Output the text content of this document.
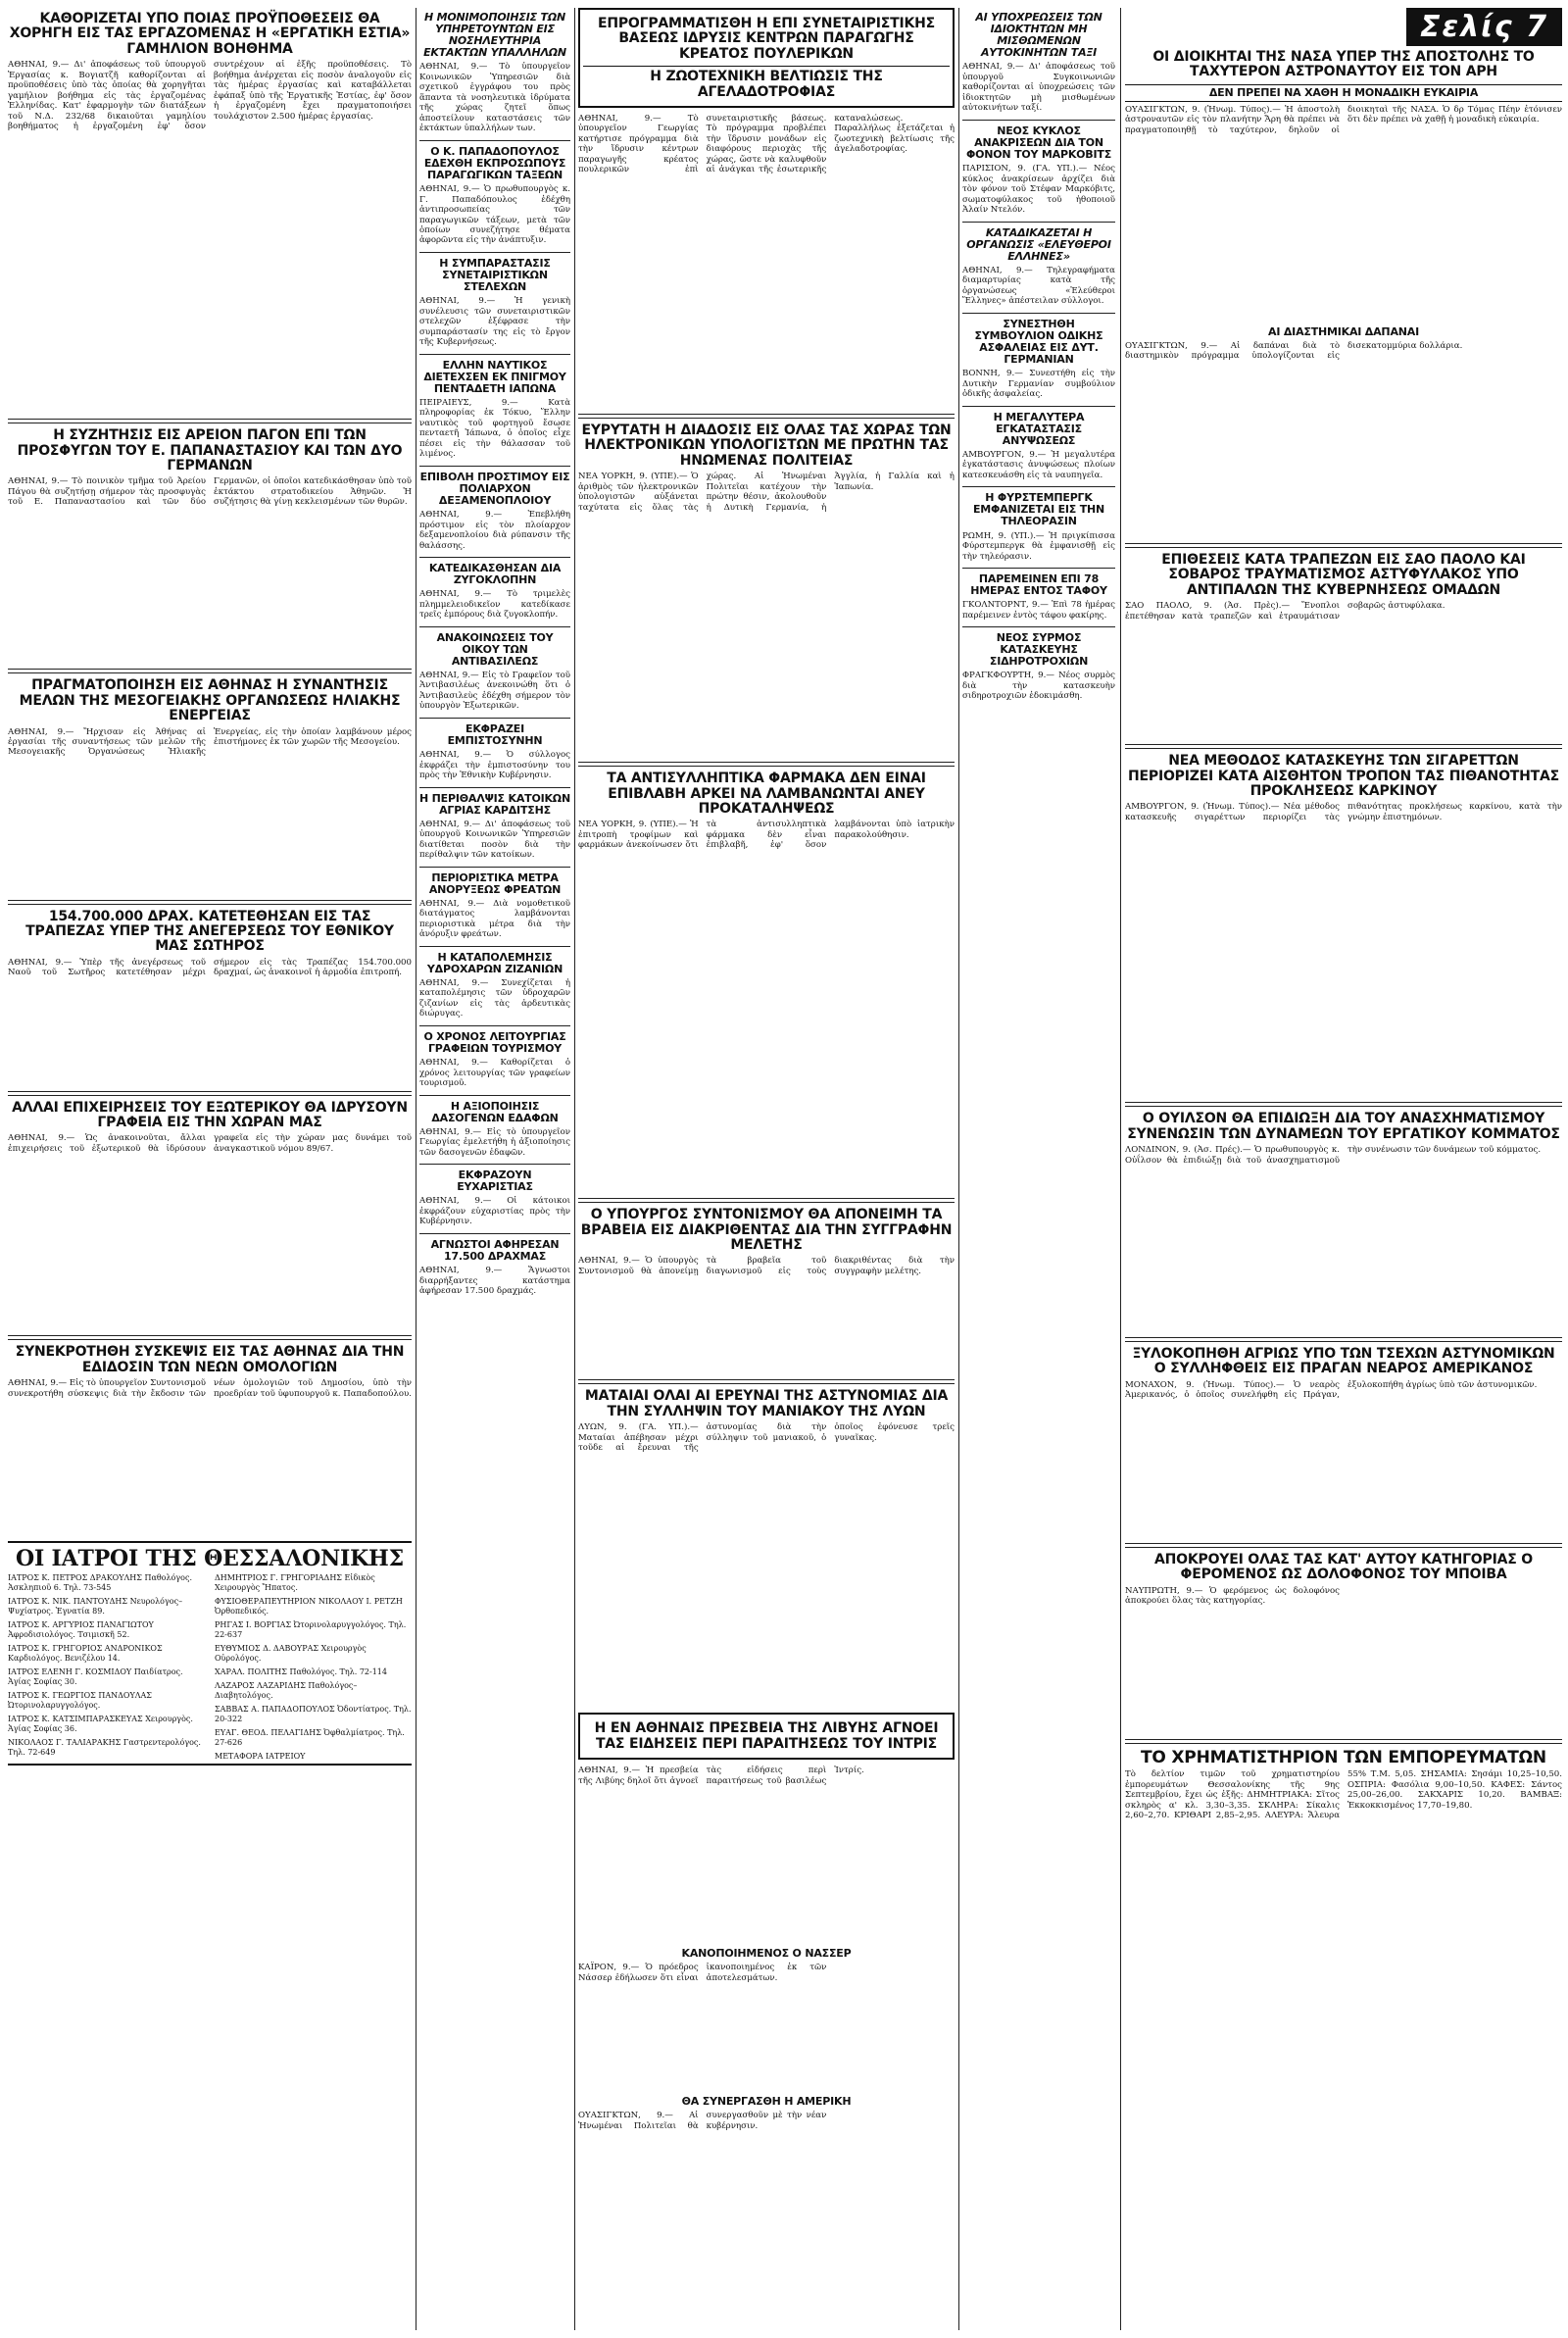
ΚΑΘΟΡΙΖΕΤΑΙ ΥΠΟ ΠΟΙΑΣ ΠΡΟΫΠΟΘΕΣΕΙΣ ΘΑ ΧΟΡΗΓΗ ΕΙΣ ΤΑΣ ΕΡΓΑΖΟΜΕΝΑΣ Η «ΕΡΓΑΤΙΚΗ ΕΣΤΙΑ» ΓΑΜΗΛΙΟΝ ΒΟΗΘΗΜΑ
ΑΘΗΝΑΙ, 9.— Δι' ἀποφάσεως τοῦ ὑπουργοῦ Ἐργασίας κ. Βογιατζῆ καθορίζονται αἱ προϋποθέσεις ὑπὸ τὰς ὁποίας θὰ χορηγῆται γαμήλιον βοήθημα εἰς τὰς ἐργαζομένας Ἑλληνίδας. Κατ' ἐφαρμογὴν τῶν διατάξεων τοῦ Ν.Δ. 232/68 δικαιοῦται γαμηλίου βοηθήματος ἡ ἐργαζομένη ἐφ' ὅσον συντρέχουν αἱ ἐξῆς προϋποθέσεις. Τὸ βοήθημα ἀνέρχεται εἰς ποσὸν ἀναλογοῦν εἰς τὰς ἡμέρας ἐργασίας καὶ καταβάλλεται ἐφάπαξ ὑπὸ τῆς Ἐργατικῆς Ἑστίας, ἐφ' ὅσον ἡ ἐργαζομένη ἔχει πραγματοποιήσει τουλάχιστον 2.500 ἡμέρας ἐργασίας.
Η ΣΥΖΗΤΗΣΙΣ ΕΙΣ ΑΡΕΙΟΝ ΠΑΓΟΝ ΕΠΙ ΤΩΝ ΠΡΟΣΦΥΓΩΝ ΤΟΥ Ε. ΠΑΠΑΝΑΣΤΑΣΙΟΥ ΚΑΙ ΤΩΝ ΔΥΟ ΓΕΡΜΑΝΩΝ
ΑΘΗΝΑΙ, 9.— Τὸ ποινικὸν τμῆμα τοῦ Ἀρείου Πάγου θὰ συζητήσῃ σήμερον τὰς προσφυγὰς τοῦ Ε. Παπαναστασίου καὶ τῶν δύο Γερμανῶν, οἱ ὁποῖοι κατεδικάσθησαν ὑπὸ τοῦ ἐκτάκτου στρατοδικείου Ἀθηνῶν. Ἡ συζήτησις θὰ γίνῃ κεκλεισμένων τῶν θυρῶν.
ΠΡΑΓΜΑΤΟΠΟΙΗΣΗ ΕΙΣ ΑΘΗΝΑΣ Η ΣΥΝΑΝΤΗΣΙΣ ΜΕΛΩΝ ΤΗΣ ΜΕΣΟΓΕΙΑΚΗΣ ΟΡΓΑΝΩΣΕΩΣ ΗΛΙΑΚΗΣ ΕΝΕΡΓΕΙΑΣ
ΑΘΗΝΑΙ, 9.— Ἤρχισαν εἰς Ἀθήνας αἱ ἐργασίαι τῆς συναντήσεως τῶν μελῶν τῆς Μεσογειακῆς Ὀργανώσεως Ἡλιακῆς Ἐνεργείας, εἰς τὴν ὁποίαν λαμβάνουν μέρος ἐπιστήμονες ἐκ τῶν χωρῶν τῆς Μεσογείου.
154.700.000 ΔΡΑΧ. ΚΑΤΕΤΕΘΗΣΑΝ ΕΙΣ ΤΑΣ ΤΡΑΠΕΖΑΣ ΥΠΕΡ ΤΗΣ ΑΝΕΓΕΡΣΕΩΣ ΤΟΥ ΕΘΝΙΚΟΥ ΜΑΣ ΣΩΤΗΡΟΣ
ΑΘΗΝΑΙ, 9.— Ὑπὲρ τῆς ἀνεγέρσεως τοῦ Ναοῦ τοῦ Σωτῆρος κατετέθησαν μέχρι σήμερον εἰς τὰς Τραπέζας 154.700.000 δραχμαί, ὡς ἀνακοινοῖ ἡ ἁρμοδία ἐπιτροπή.
ΑΛΛΑΙ ΕΠΙΧΕΙΡΗΣΕΙΣ ΤΟΥ ΕΞΩΤΕΡΙΚΟΥ ΘΑ ΙΔΡΥΣΟΥΝ ΓΡΑΦΕΙΑ ΕΙΣ ΤΗΝ ΧΩΡΑΝ ΜΑΣ
ΑΘΗΝΑΙ, 9.— Ὡς ἀνακοινοῦται, ἄλλαι ἐπιχειρήσεις τοῦ ἐξωτερικοῦ θὰ ἱδρύσουν γραφεῖα εἰς τὴν χώραν μας δυνάμει τοῦ ἀναγκαστικοῦ νόμου 89/67.
ΣΥΝΕΚΡΟΤΗΘΗ ΣΥΣΚΕΨΙΣ ΕΙΣ ΤΑΣ ΑΘΗΝΑΣ ΔΙΑ ΤΗΝ ΕΔΙΔΟΣΙΝ ΤΩΝ ΝΕΩΝ ΟΜΟΛΟΓΙΩΝ
ΑΘΗΝΑΙ, 9.— Εἰς τὸ ὑπουργεῖον Συντονισμοῦ συνεκροτήθη σύσκεψις διὰ τὴν ἔκδοσιν τῶν νέων ὁμολογιῶν τοῦ Δημοσίου, ὑπὸ τὴν προεδρίαν τοῦ ὑφυπουργοῦ κ. Παπαδοπούλου.
ΟΙ ΙΑΤΡΟΙ ΤΗΣ ΘΕΣΣΑΛΟΝΙΚΗΣ

ΙΑΤΡΟΣ Κ. ΠΕΤΡΟΣ ΔΡΑΚΟΥΛΗΣ Παθολόγος. Ἀσκληπιοῦ 6. Τηλ. 73-545

ΙΑΤΡΟΣ Κ. ΝΙΚ. ΠΑΝΤΟΥΔΗΣ Νευρολόγος–Ψυχίατρος. Ἐγνατία 89.

ΙΑΤΡΟΣ Κ. ΑΡΓΥΡΙΟΣ ΠΑΝΑΓΙΩΤΟΥ Ἀφροδισιολόγος. Τσιμισκῆ 52.

ΙΑΤΡΟΣ Κ. ΓΡΗΓΟΡΙΟΣ ΑΝΔΡΟΝΙΚΟΣ Καρδιολόγος. Βενιζέλου 14.

ΙΑΤΡΟΣ ΕΛΕΝΗ Γ. ΚΟΣΜΙΔΟΥ Παιδίατρος. Ἀγίας Σοφίας 30.

ΙΑΤΡΟΣ Κ. ΓΕΩΡΓΙΟΣ ΠΑΝΔΟΥΛΑΣ Ὠτορινολαρυγγολόγος.

ΙΑΤΡΟΣ Κ. ΚΑΤΣΙΜΠΑΡΑΣΚΕΥΑΣ Χειρουργὸς. Ἁγίας Σοφίας 36.

ΝΙΚΟΛΑΟΣ Γ. ΤΑΛΙΑΡΑΚΗΣ Γαστρεντερολόγος. Τηλ. 72-649

ΔΗΜΗΤΡΙΟΣ Γ. ΓΡΗΓΟΡΙΑΔΗΣ Εἰδικὸς Χειρουργὸς Ἤπατος.

ΦΥΣΙΟΘΕΡΑΠΕΥΤΗΡΙΟΝ ΝΙΚΟΛΑΟΥ Ι. ΡΕΤΖΗ Ὀρθοπεδικός.

ΡΗΓΑΣ Ι. ΒΟΡΓΙΑΣ Ὠτορινολαρυγγολόγος. Τηλ. 22-637

ΕΥΘΥΜΙΟΣ Δ. ΔΑΒΟΥΡΑΣ Χειρουργὸς Οὐρολόγος.

ΧΑΡΑΛ. ΠΟΛΙΤΗΣ Παθολόγος. Τηλ. 72-114

ΛΑΖΑΡΟΣ ΛΑΖΑΡΙΔΗΣ Παθολόγος–Διαβητολόγος.

ΣΑΒΒΑΣ Α. ΠΑΠΑΔΟΠΟΥΛΟΣ Ὀδοντίατρος. Τηλ. 20-322

ΕΥΑΓ. ΘΕΟΔ. ΠΕΛΑΓΙΔΗΣ Ὀφθαλμίατρος. Τηλ. 27-626

ΜΕΤΑΦΟΡΑ ΙΑΤΡΕΙΟΥ

Η ΜΟΝΙΜΟΠΟΙΗΣΙΣ ΤΩΝ ΥΠΗΡΕΤΟΥΝΤΩΝ ΕΙΣ ΝΟΣΗΛΕΥΤΗΡΙΑ ΕΚΤΑΚΤΩΝ ΥΠΑΛΛΗΛΩΝ
ΑΘΗΝΑΙ, 9.— Τὸ ὑπουργεῖον Κοινωνικῶν Ὑπηρεσιῶν διὰ σχετικοῦ ἐγγράφου του πρὸς ἅπαντα τὰ νοσηλευτικὰ ἱδρύματα τῆς χώρας ζητεῖ ὅπως ἀποστείλουν καταστάσεις τῶν ἐκτάκτων ὑπαλλήλων των.
Ο Κ. ΠΑΠΑΔΟΠΟΥΛΟΣ ΕΔΕΧΘΗ ΕΚΠΡΟΣΩΠΟΥΣ ΠΑΡΑΓΩΓΙΚΩΝ ΤΑΞΕΩΝ
ΑΘΗΝΑΙ, 9.— Ὁ πρωθυπουργὸς κ. Γ. Παπαδόπουλος ἐδέχθη ἀντιπροσωπείας τῶν παραγωγικῶν τάξεων, μετὰ τῶν ὁποίων συνεζήτησε θέματα ἀφορῶντα εἰς τὴν ἀνάπτυξιν.
Η ΣΥΜΠΑΡΑΣΤΑΣΙΣ ΣΥΝΕΤΑΙΡΙΣΤΙΚΩΝ ΣΤΕΛΕΧΩΝ
ΑΘΗΝΑΙ, 9.— Ἡ γενικὴ συνέλευσις τῶν συνεταιριστικῶν στελεχῶν ἐξέφρασε τὴν συμπαράστασίν της εἰς τὸ ἔργον τῆς Κυβερνήσεως.
ΕΛΛΗΝ ΝΑΥΤΙΚΟΣ ΔΙΕΤΕΧΣΕΝ ΕΚ ΠΝΙΓΜΟΥ ΠΕΝΤΑΔΕΤΗ ΙΑΠΩΝΑ
ΠΕΙΡΑΙΕΥΣ, 9.— Κατὰ πληροφορίας ἐκ Τόκυο, Ἕλλην ναυτικὸς τοῦ φορτηγοῦ ἔσωσε πενταετῆ Ἰάπωνα, ὁ ὁποῖος εἶχε πέσει εἰς τὴν θάλασσαν τοῦ λιμένος.
ΕΠΙΒΟΛΗ ΠΡΟΣΤΙΜΟΥ ΕΙΣ ΠΟΛΙΑΡΧΟΝ ΔΕΞΑΜΕΝΟΠΛΟΙΟΥ
ΑΘΗΝΑΙ, 9.— Ἐπεβλήθη πρόστιμον εἰς τὸν πλοίαρχον δεξαμενοπλοίου διὰ ρύπανσιν τῆς θαλάσσης.
ΚΑΤΕΔΙΚΑΣΘΗΣΑΝ ΔΙΑ ΖΥΓΟΚΛΟΠΗΝ
ΑΘΗΝΑΙ, 9.— Τὸ τριμελὲς πλημμελειοδικεῖον κατεδίκασε τρεῖς ἐμπόρους διὰ ζυγοκλοπήν.
ΑΝΑΚΟΙΝΩΣΕΙΣ ΤΟΥ ΟΙΚΟΥ ΤΩΝ ΑΝΤΙΒΑΣΙΛΕΩΣ
ΑΘΗΝΑΙ, 9.— Εἰς τὸ Γραφεῖον τοῦ Ἀντιβασιλέως ἀνεκοινώθη ὅτι ὁ Ἀντιβασιλεὺς ἐδέχθη σήμερον τὸν ὑπουργὸν Ἐξωτερικῶν.
ΕΚΦΡΑΖΕΙ ΕΜΠΙΣΤΟΣΥΝΗΝ
ΑΘΗΝΑΙ, 9.— Ὁ σύλλογος ἐκφράζει τὴν ἐμπιστοσύνην του πρὸς τὴν Ἐθνικὴν Κυβέρνησιν.
Η ΠΕΡΙΘΑΛΨΙΣ ΚΑΤΟΙΚΩΝ ΑΓΡΙΑΣ ΚΑΡΔΙΤΣΗΣ
ΑΘΗΝΑΙ, 9.— Δι' ἀποφάσεως τοῦ ὑπουργοῦ Κοινωνικῶν Ὑπηρεσιῶν διατίθεται ποσὸν διὰ τὴν περίθαλψιν τῶν κατοίκων.
ΠΕΡΙΟΡΙΣΤΙΚΑ ΜΕΤΡΑ ΑΝΟΡΥΞΕΩΣ ΦΡΕΑΤΩΝ
ΑΘΗΝΑΙ, 9.— Διὰ νομοθετικοῦ διατάγματος λαμβάνονται περιοριστικὰ μέτρα διὰ τὴν ἀνόρυξιν φρεάτων.
Η ΚΑΤΑΠΟΛΕΜΗΣΙΣ ΥΔΡΟΧΑΡΩΝ ΖΙΖΑΝΙΩΝ
ΑΘΗΝΑΙ, 9.— Συνεχίζεται ἡ καταπολέμησις τῶν ὑδροχαρῶν ζιζανίων εἰς τὰς ἀρδευτικὰς διώρυγας.
Ο ΧΡΟΝΟΣ ΛΕΙΤΟΥΡΓΙΑΣ ΓΡΑΦΕΙΩΝ ΤΟΥΡΙΣΜΟΥ
ΑΘΗΝΑΙ, 9.— Καθορίζεται ὁ χρόνος λειτουργίας τῶν γραφείων τουρισμοῦ.
Η ΑΞΙΟΠΟΙΗΣΙΣ ΔΑΣΟΓΕΝΩΝ ΕΔΑΦΩΝ
ΑΘΗΝΑΙ, 9.— Εἰς τὸ ὑπουργεῖον Γεωργίας ἐμελετήθη ἡ ἀξιοποίησις τῶν δασογενῶν ἐδαφῶν.
ΕΚΦΡΑΖΟΥΝ ΕΥΧΑΡΙΣΤΙΑΣ
ΑΘΗΝΑΙ, 9.— Οἱ κάτοικοι ἐκφράζουν εὐχαριστίας πρὸς τὴν Κυβέρνησιν.
ΑΓΝΩΣΤΟΙ ΑΦΗΡΕΣΑΝ 17.500 ΔΡΑΧΜΑΣ
ΑΘΗΝΑΙ, 9.— Ἄγνωστοι διαρρήξαντες κατάστημα ἀφήρεσαν 17.500 δραχμάς.
ΕΠΡΟΓΡΑΜΜΑΤΙΣΘΗ Η ΕΠΙ ΣΥΝΕΤΑΙΡΙΣΤΙΚΗΣ ΒΑΣΕΩΣ ΙΔΡΥΣΙΣ ΚΕΝΤΡΩΝ ΠΑΡΑΓΩΓΗΣ ΚΡΕΑΤΟΣ ΠΟΥΛΕΡΙΚΩΝ
Η ΖΩΟΤΕΧΝΙΚΗ ΒΕΛΤΙΩΣΙΣ ΤΗΣ ΑΓΕΛΑΔΟΤΡΟΦΙΑΣ
ΑΘΗΝΑΙ, 9.— Τὸ ὑπουργεῖον Γεωργίας κατήρτισε πρόγραμμα διὰ τὴν ἵδρυσιν κέντρων παραγωγῆς κρέατος πουλερικῶν ἐπὶ συνεταιριστικῆς βάσεως. Τὸ πρόγραμμα προβλέπει τὴν ἵδρυσιν μονάδων εἰς διαφόρους περιοχὰς τῆς χώρας, ὥστε νὰ καλυφθοῦν αἱ ἀνάγκαι τῆς ἐσωτερικῆς καταναλώσεως. Παραλλήλως ἐξετάζεται ἡ ζωοτεχνικὴ βελτίωσις τῆς ἀγελαδοτροφίας.
ΕΥΡΥΤΑΤΗ Η ΔΙΑΔΟΣΙΣ ΕΙΣ ΟΛΑΣ ΤΑΣ ΧΩΡΑΣ ΤΩΝ ΗΛΕΚΤΡΟΝΙΚΩΝ ΥΠΟΛΟΓΙΣΤΩΝ ΜΕ ΠΡΩΤΗΝ ΤΑΣ ΗΝΩΜΕΝΑΣ ΠΟΛΙΤΕΙΑΣ
ΝΕΑ ΥΟΡΚΗ, 9. (ΥΠΕ).— Ὁ ἀριθμὸς τῶν ἠλεκτρονικῶν ὑπολογιστῶν αὐξάνεται ταχύτατα εἰς ὅλας τὰς χώρας. Αἱ Ἡνωμέναι Πολιτεῖαι κατέχουν τὴν πρώτην θέσιν, ἀκολουθοῦν ἡ Δυτικὴ Γερμανία, ἡ Ἀγγλία, ἡ Γαλλία καὶ ἡ Ἰαπωνία.
ΤΑ ΑΝΤΙΣΥΛΛΗΠΤΙΚΑ ΦΑΡΜΑΚΑ ΔΕΝ ΕΙΝΑΙ ΕΠΙΒΛΑΒΗ ΑΡΚΕΙ ΝΑ ΛΑΜΒΑΝΩΝΤΑΙ ΑΝΕΥ ΠΡΟΚΑΤΑΛΗΨΕΩΣ
ΝΕΑ ΥΟΡΚΗ, 9. (ΥΠΕ).— Ἡ ἐπιτροπὴ τροφίμων καὶ φαρμάκων ἀνεκοίνωσεν ὅτι τὰ ἀντισυλληπτικὰ φάρμακα δὲν εἶναι ἐπιβλαβῆ, ἐφ' ὅσον λαμβάνονται ὑπὸ ἰατρικὴν παρακολούθησιν.
Ο ΥΠΟΥΡΓΟΣ ΣΥΝΤΟΝΙΣΜΟΥ ΘΑ ΑΠΟΝΕΙΜΗ ΤΑ ΒΡΑΒΕΙΑ ΕΙΣ ΔΙΑΚΡΙΘΕΝΤΑΣ ΔΙΑ ΤΗΝ ΣΥΓΓΡΑΦΗΝ ΜΕΛΕΤΗΣ
ΑΘΗΝΑΙ, 9.— Ὁ ὑπουργὸς Συντονισμοῦ θὰ ἀπονείμῃ τὰ βραβεῖα τοῦ διαγωνισμοῦ εἰς τοὺς διακριθέντας διὰ τὴν συγγραφὴν μελέτης.
ΜΑΤΑΙΑΙ ΟΛΑΙ ΑΙ ΕΡΕΥΝΑΙ ΤΗΣ ΑΣΤΥΝΟΜΙΑΣ ΔΙΑ ΤΗΝ ΣΥΛΛΗΨΙΝ ΤΟΥ ΜΑΝΙΑΚΟΥ ΤΗΣ ΛΥΩΝ
ΛΥΩΝ, 9. (ΓΑ. ΥΠ.).— Ματαίαι ἀπέβησαν μέχρι τοῦδε αἱ ἔρευναι τῆς ἀστυνομίας διὰ τὴν σύλληψιν τοῦ μανιακοῦ, ὁ ὁποῖος ἐφόνευσε τρεῖς γυναῖκας.
Η ΕΝ ΑΘΗΝΑΙΣ ΠΡΕΣΒΕΙΑ ΤΗΣ ΛΙΒΥΗΣ ΑΓΝΟΕΙ ΤΑΣ ΕΙΔΗΣΕΙΣ ΠΕΡΙ ΠΑΡΑΙΤΗΣΕΩΣ ΤΟΥ ΙΝΤΡΙΣ
ΑΘΗΝΑΙ, 9.— Ἡ πρεσβεία τῆς Λιβύης δηλοῖ ὅτι ἀγνοεῖ τὰς εἰδήσεις περὶ παραιτήσεως τοῦ βασιλέως Ἰντρίς.
ΚΑΝΟΠΟΙΗΜΕΝΟΣ Ο ΝΑΣΣΕΡ
ΚΑΪΡΟΝ, 9.— Ὁ πρόεδρος Νάσσερ ἐδήλωσεν ὅτι εἶναι ἱκανοποιημένος ἐκ τῶν ἀποτελεσμάτων.
ΘΑ ΣΥΝΕΡΓΑΣΘΗ Η ΑΜΕΡΙΚΗ
ΟΥΑΣΙΓΚΤΩΝ, 9.— Αἱ Ἡνωμέναι Πολιτεῖαι θὰ συνεργασθοῦν μὲ τὴν νέαν κυβέρνησιν.
ΑΙ ΥΠΟΧΡΕΩΣΕΙΣ ΤΩΝ ΙΔΙΟΚΤΗΤΩΝ ΜΗ ΜΙΣΘΩΜΕΝΩΝ ΑΥΤΟΚΙΝΗΤΩΝ ΤΑΞΙ
ΑΘΗΝΑΙ, 9.— Δι' ἀποφάσεως τοῦ ὑπουργοῦ Συγκοινωνιῶν καθορίζονται αἱ ὑποχρεώσεις τῶν ἰδιοκτητῶν μὴ μισθωμένων αὐτοκινήτων ταξί.
ΝΕΟΣ ΚΥΚΛΟΣ ΑΝΑΚΡΙΣΕΩΝ ΔΙΑ ΤΟΝ ΦΟΝΟΝ ΤΟΥ ΜΑΡΚΟΒΙΤΣ
ΠΑΡΙΣΙΟΝ, 9. (ΓΑ. ΥΠ.).— Νέος κύκλος ἀνακρίσεων ἀρχίζει διὰ τὸν φόνον τοῦ Στέφαν Μαρκόβιτς, σωματοφύλακος τοῦ ἠθοποιοῦ Ἀλαίν Ντελόν.
ΚΑΤΑΔΙΚΑΖΕΤΑΙ Η ΟΡΓΑΝΩΣΙΣ «ΕΛΕΥΘΕΡΟΙ ΕΛΛΗΝΕΣ»
ΑΘΗΝΑΙ, 9.— Τηλεγραφήματα διαμαρτυρίας κατὰ τῆς ὀργανώσεως «Ἐλεύθεροι Ἕλληνες» ἀπέστειλαν σύλλογοι.
ΣΥΝΕΣΤΗΘΗ ΣΥΜΒΟΥΛΙΟΝ ΟΔΙΚΗΣ ΑΣΦΑΛΕΙΑΣ ΕΙΣ ΔΥΤ. ΓΕΡΜΑΝΙΑΝ
ΒΟΝΝΗ, 9.— Συνεστήθη εἰς τὴν Δυτικὴν Γερμανίαν συμβούλιον ὁδικῆς ἀσφαλείας.
Η ΜΕΓΑΛΥΤΕΡΑ ΕΓΚΑΤΑΣΤΑΣΙΣ ΑΝΥΨΩΣΕΩΣ
ΑΜΒΟΥΡΓΟΝ, 9.— Ἡ μεγαλυτέρα ἐγκατάστασις ἀνυψώσεως πλοίων κατεσκευάσθη εἰς τὰ ναυπηγεῖα.
Η ΦΥΡΣΤΕΜΠΕΡΓΚ ΕΜΦΑΝΙΖΕΤΑΙ ΕΙΣ ΤΗΝ ΤΗΛΕΟΡΑΣΙΝ
ΡΩΜΗ, 9. (ΥΠ.).— Ἡ πριγκίπισσα Φύρστεμπεργκ θὰ ἐμφανισθῇ εἰς τὴν τηλεόρασιν.
ΠΑΡΕΜΕΙΝΕΝ ΕΠΙ 78 ΗΜΕΡΑΣ ΕΝΤΟΣ ΤΑΦΟΥ
ΓΚΟΛΝΤΟΡΝΤ, 9.— Ἐπὶ 78 ἡμέρας παρέμεινεν ἐντὸς τάφου φακίρης.
ΝΕΟΣ ΣΥΡΜΟΣ ΚΑΤΑΣΚΕΥΗΣ ΣΙΔΗΡΟΤΡΟΧΙΩΝ
ΦΡΑΓΚΦΟΥΡΤΗ, 9.— Νέος συρμὸς διὰ τὴν κατασκευὴν σιδηροτροχιῶν ἐδοκιμάσθη.
Σελίς 7
ΟΙ ΔΙΟΙΚΗΤΑΙ ΤΗΣ ΝΑΣΑ ΥΠΕΡ ΤΗΣ ΑΠΟΣΤΟΛΗΣ ΤΟ ΤΑΧΥΤΕΡΟΝ ΑΣΤΡΟΝΑΥΤΟΥ ΕΙΣ ΤΟΝ ΑΡΗ
ΔΕΝ ΠΡΕΠΕΙ ΝΑ ΧΑΘΗ Η ΜΟΝΑΔΙΚΗ ΕΥΚΑΙΡΙΑ
ΟΥΑΣΙΓΚΤΩΝ, 9. (Ἡνωμ. Τύπος).— Ἡ ἀποστολὴ ἀστροναυτῶν εἰς τὸν πλανήτην Ἄρη θὰ πρέπει νὰ πραγματοποιηθῇ τὸ ταχύτερον, δηλοῦν οἱ διοικηταὶ τῆς ΝΑΣΑ. Ὁ δρ Τόμας Πέην ἐτόνισεν ὅτι δὲν πρέπει νὰ χαθῇ ἡ μοναδικὴ εὐκαιρία.
ΑΙ ΔΙΑΣΤΗΜΙΚΑΙ ΔΑΠΑΝΑΙ
ΟΥΑΣΙΓΚΤΩΝ, 9.— Αἱ δαπάναι διὰ τὸ διαστημικὸν πρόγραμμα ὑπολογίζονται εἰς δισεκατομμύρια δολλάρια.
ΕΠΙΘΕΣΕΙΣ ΚΑΤΑ ΤΡΑΠΕΖΩΝ ΕΙΣ ΣΑΟ ΠΑΟΛΟ ΚΑΙ ΣΟΒΑΡΟΣ ΤΡΑΥΜΑΤΙΣΜΟΣ ΑΣΤΥΦΥΛΑΚΟΣ ΥΠΟ ΑΝΤΙΠΑΛΩΝ ΤΗΣ ΚΥΒΕΡΝΗΣΕΩΣ ΟΜΑΔΩΝ
ΣΑΟ ΠΑΟΛΟ, 9. (Ἀσ. Πρὲς).— Ἔνοπλοι ἐπετέθησαν κατὰ τραπεζῶν καὶ ἐτραυμάτισαν σοβαρῶς ἀστυφύλακα.
ΝΕΑ ΜΕΘΟΔΟΣ ΚΑΤΑΣΚΕΥΗΣ ΤΩΝ ΣΙΓΑΡΕΤΤΩΝ ΠΕΡΙΟΡΙΖΕΙ ΚΑΤΑ ΑΙΣΘΗΤΟΝ ΤΡΟΠΟΝ ΤΑΣ ΠΙΘΑΝΟΤΗΤΑΣ ΠΡΟΚΛΗΣΕΩΣ ΚΑΡΚΙΝΟΥ
ΑΜΒΟΥΡΓΟΝ, 9. (Ἡνωμ. Τύπος).— Νέα μέθοδος κατασκευῆς σιγαρέττων περιορίζει τὰς πιθανότητας προκλήσεως καρκίνου, κατὰ τὴν γνώμην ἐπιστημόνων.
Ο ΟΥΙΛΣΟΝ ΘΑ ΕΠΙΔΙΩΞΗ ΔΙΑ ΤΟΥ ΑΝΑΣΧΗΜΑΤΙΣΜΟΥ ΣΥΝΕΝΩΣΙΝ ΤΩΝ ΔΥΝΑΜΕΩΝ ΤΟΥ ΕΡΓΑΤΙΚΟΥ ΚΟΜΜΑΤΟΣ
ΛΟΝΔΙΝΟΝ, 9. (Ἀσ. Πρές).— Ὁ πρωθυπουργὸς κ. Οὐΐλσον θὰ ἐπιδιώξῃ διὰ τοῦ ἀνασχηματισμοῦ τὴν συνένωσιν τῶν δυνάμεων τοῦ κόμματος.
ΞΥΛΟΚΟΠΗΘΗ ΑΓΡΙΩΣ ΥΠΟ ΤΩΝ ΤΣΕΧΩΝ ΑΣΤΥΝΟΜΙΚΩΝ Ο ΣΥΛΛΗΦΘΕΙΣ ΕΙΣ ΠΡΑΓΑΝ ΝΕΑΡΟΣ ΑΜΕΡΙΚΑΝΟΣ
ΜΟΝΑΧΟΝ, 9. (Ἡνωμ. Τύπος).— Ὁ νεαρὸς Ἀμερικανός, ὁ ὁποῖος συνελήφθη εἰς Πράγαν, ἐξυλοκοπήθη ἀγρίως ὑπὸ τῶν ἀστυνομικῶν.
ΑΠΟΚΡΟΥΕΙ ΟΛΑΣ ΤΑΣ ΚΑΤ' ΑΥΤΟΥ ΚΑΤΗΓΟΡΙΑΣ Ο ΦΕΡΟΜΕΝΟΣ ΩΣ ΔΟΛΟΦΟΝΟΣ ΤΟΥ ΜΠΟΙΒΑ
ΝΑΥΠΡΩΤΗ, 9.— Ὁ φερόμενος ὡς δολοφόνος ἀποκρούει ὅλας τὰς κατηγορίας.
ΤΟ ΧΡΗΜΑΤΙΣΤΗΡΙΟΝ ΤΩΝ ΕΜΠΟΡΕΥΜΑΤΩΝ
Τὸ δελτίον τιμῶν τοῦ χρηματιστηρίου ἐμπορευμάτων Θεσσαλονίκης τῆς 9ης Σεπτεμβρίου, ἔχει ὡς ἑξῆς: ΔΗΜΗΤΡΙΑΚΑ: Σῖτος σκληρὸς α' κλ. 3,30–3,35. ΣΚΛΗΡΑ: Σίκαλις 2,60–2,70. ΚΡΙΘΑΡΙ 2,85–2,95. ΑΛΕΥΡΑ: Ἄλευρα 55% Τ.Μ. 5,05. ΣΗΣΑΜΙΑ: Σησάμι 10,25–10,50. ΟΣΠΡΙΑ: Φασόλια 9,00–10,50. ΚΑΦΕΣ: Σάντος 25,00–26,00. ΣΑΚΧΑΡΙΣ 10,20. ΒΑΜΒΑΞ: Ἑκκοκκισμένος 17,70–19,80.
